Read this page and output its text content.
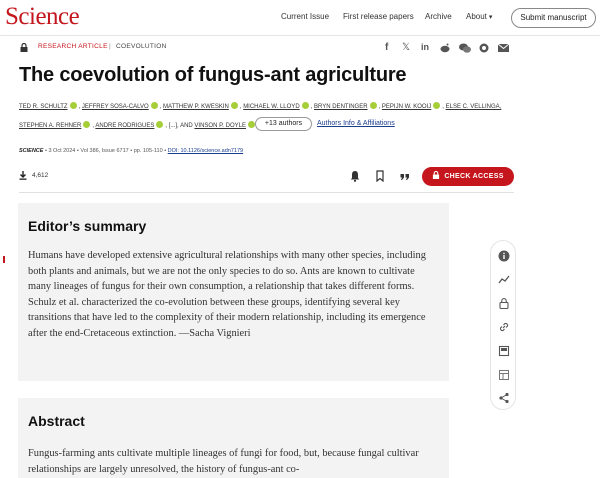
Science	Current Issue First release papers Archive About ▾	Submit manuscript
RESEARCH ARTICLE | COEVOLUTION	f 𝕏 in
The coevolution of fungus-ant agriculture
TED R. SCHULTZ , JEFFREY SOSA-CALVO , MATTHEW P. KWESKIN , MICHAEL W. LLOYD , BRYN DENTINGER , PEPIJN W. KOOIJ , ELSE C. VELLINGA,
STEPHEN A. REHNER , ANDRE RODRIGUES , [...], AND VINSON P. DOYLE	+13 authors	Authors Info & Affiliations
SCIENCE • 3 Oct 2024 • Vol 386, Issue 6717 • pp. 105-110 • DOI: 10.1126/science.adn7179
4,612	CHECK ACCESS
Editor’s summary

Humans have developed extensive agricultural relationships with many other species, including both plants and animals, but we are not the only species to do so. Ants are known to cultivate many lineages of fungus for their own consumption, a relationship that takes different forms. Schulz et al. characterized the co-evolution between these groups, identifying several key transitions that have led to the complexity of their modern relationship, including its emergence after the end-Cretaceous extinction. —Sacha Vignieri

Abstract

Fungus-farming ants cultivate multiple lineages of fungi for food, but, because fungal cultivar relationships are largely unresolved, the history of fungus-ant co-
